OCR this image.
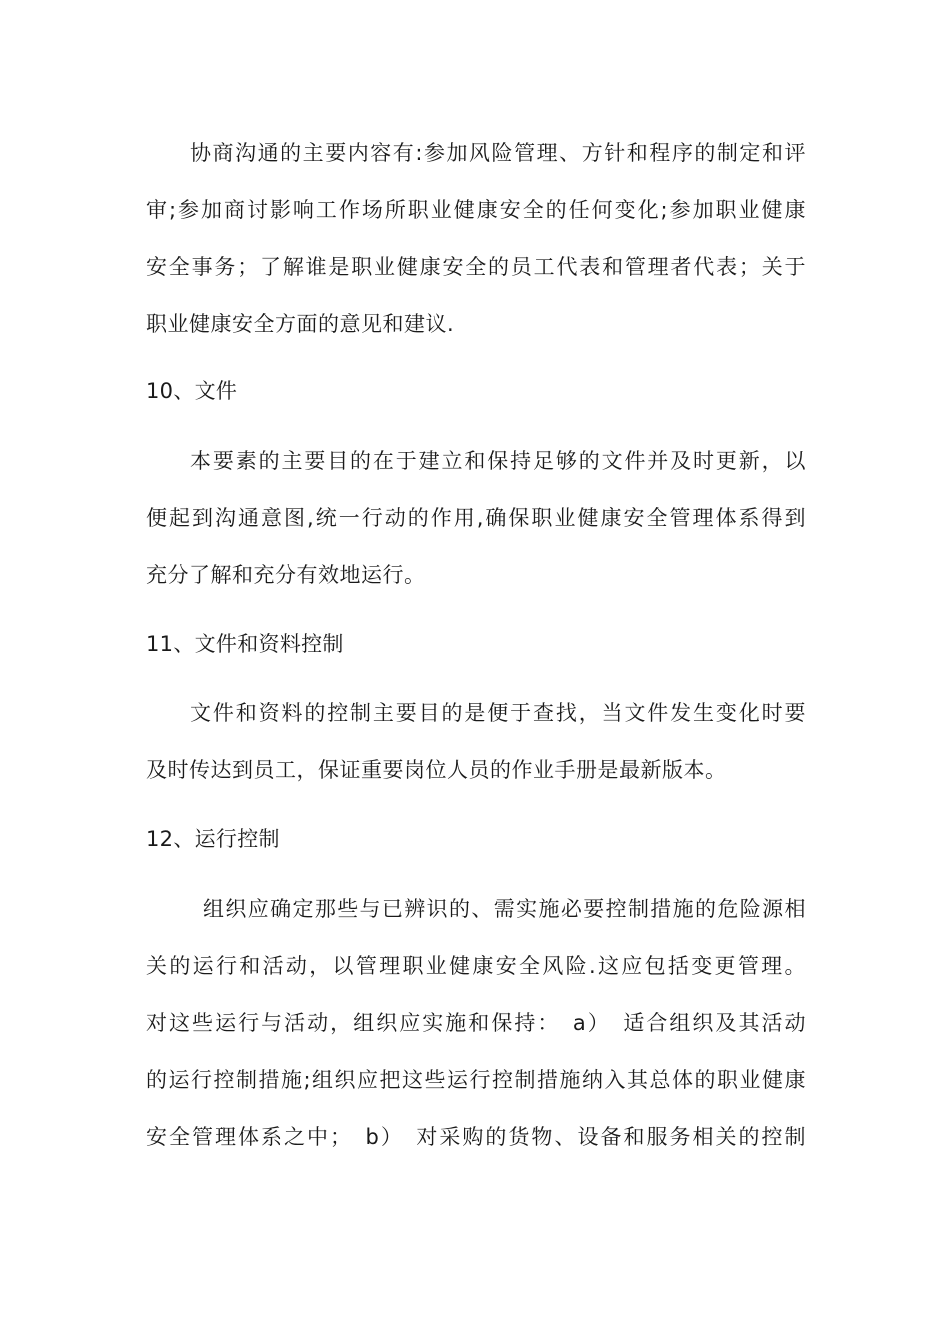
协商沟通的主要内容有:参加风险管理、方针和程序的制定和评
审;参加商讨影响工作场所职业健康安全的任何变化;参加职业健康
安全事务；了解谁是职业健康安全的员工代表和管理者代表；关于
职业健康安全方面的意见和建议.
10、文件
本要素的主要目的在于建立和保持足够的文件并及时更新，以
便起到沟通意图,统一行动的作用,确保职业健康安全管理体系得到
充分了解和充分有效地运行。
11、文件和资料控制
文件和资料的控制主要目的是便于查找，当文件发生变化时要
及时传达到员工，保证重要岗位人员的作业手册是最新版本。
12、运行控制
组织应确定那些与已辨识的、需实施必要控制措施的危险源相
关的运行和活动，以管理职业健康安全风险.这应包括变更管理。
对这些运行与活动，组织应实施和保持：　a）　适合组织及其活动
的运行控制措施;组织应把这些运行控制措施纳入其总体的职业健康
安全管理体系之中；　b）　对采购的货物、设备和服务相关的控制
